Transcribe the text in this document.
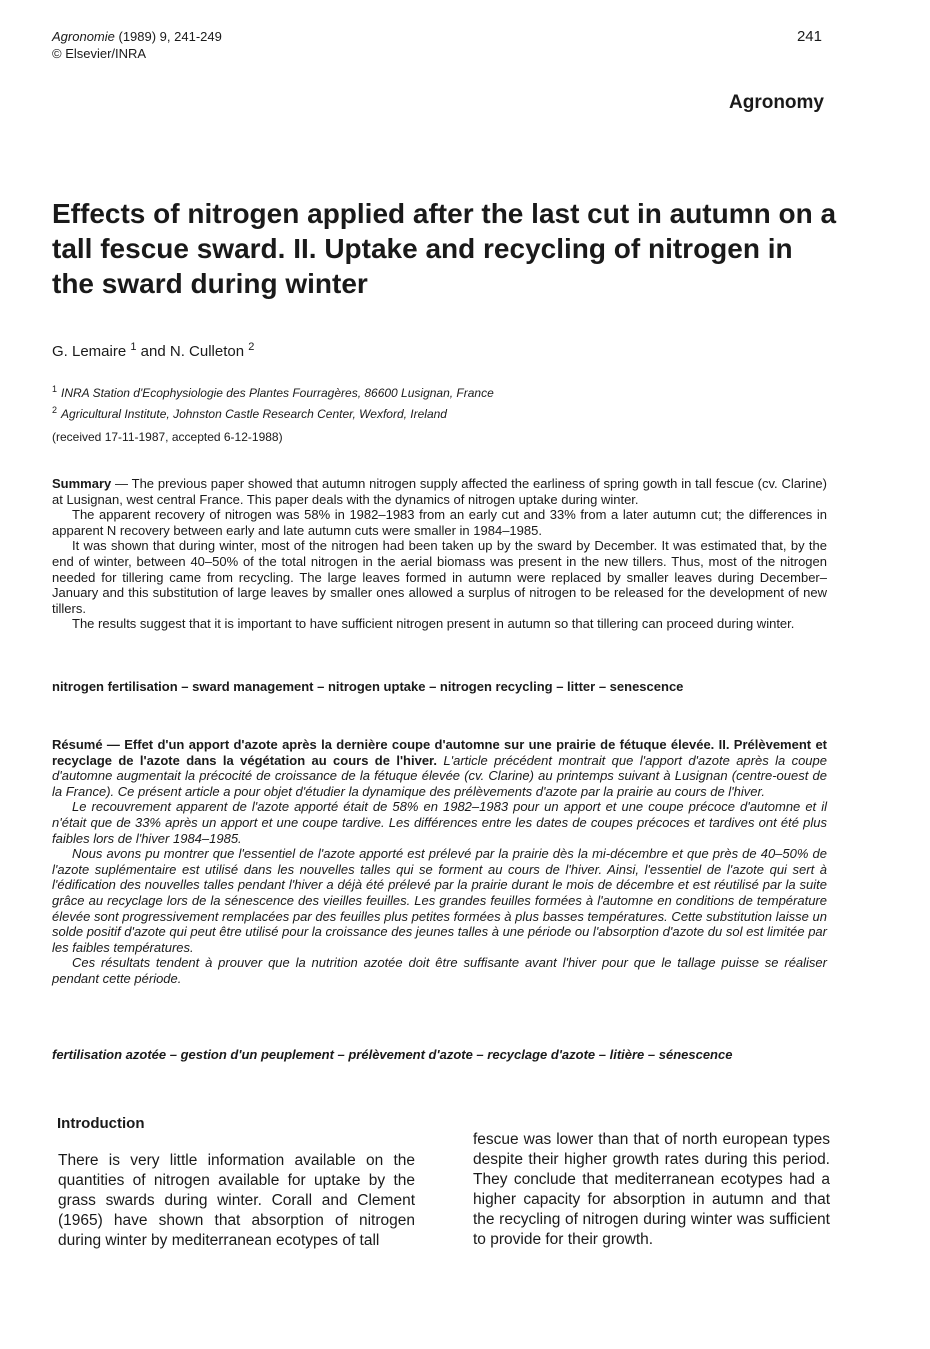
Agronomie (1989) 9, 241-249
© Elsevier/INRA
241
Agronomy
Effects of nitrogen applied after the last cut in autumn on a tall fescue sward. II. Uptake and recycling of nitrogen in the sward during winter
G. Lemaire $^1$ and N. Culleton $^2$
$^1$ INRA Station d'Ecophysiologie des Plantes Fourragères, 86600 Lusignan, France
$^2$ Agricultural Institute, Johnston Castle Research Center, Wexford, Ireland
(received 17-11-1987, accepted 6-12-1988)

Summary — The previous paper showed that autumn nitrogen supply affected the earliness of spring gowth in tall fescue (cv. Clarine) at Lusignan, west central France. This paper deals with the dynamics of nitrogen uptake during winter.

The apparent recovery of nitrogen was 58% in 1982–1983 from an early cut and 33% from a later autumn cut; the differences in apparent N recovery between early and late autumn cuts were smaller in 1984–1985.

It was shown that during winter, most of the nitrogen had been taken up by the sward by December. It was estimated that, by the end of winter, between 40–50% of the total nitrogen in the aerial biomass was present in the new tillers. Thus, most of the nitrogen needed for tillering came from recycling. The large leaves formed in autumn were replaced by smaller leaves during December–January and this substitution of large leaves by smaller ones allowed a surplus of nitrogen to be released for the development of new tillers.

The results suggest that it is important to have sufficient nitrogen present in autumn so that tillering can proceed during winter.

nitrogen fertilisation – sward management – nitrogen uptake – nitrogen recycling – litter – senescence

Résumé — Effet d'un apport d'azote après la dernière coupe d'automne sur une prairie de fétuque élevée. II. Prélèvement et recyclage de l'azote dans la végétation au cours de l'hiver. L'article précédent montrait que l'apport d'azote après la coupe d'automne augmentait la précocité de croissance de la fétuque élevée (cv. Clarine) au printemps suivant à Lusignan (centre-ouest de la France). Ce présent article a pour objet d'étudier la dynamique des prélèvements d'azote par la prairie au cours de l'hiver.

Le recouvrement apparent de l'azote apporté était de 58% en 1982–1983 pour un apport et une coupe précoce d'automne et il n'était que de 33% après un apport et une coupe tardive. Les différences entre les dates de coupes précoces et tardives ont été plus faibles lors de l'hiver 1984–1985.

Nous avons pu montrer que l'essentiel de l'azote apporté est prélevé par la prairie dès la mi-décembre et que près de 40–50% de l'azote suplémentaire est utilisé dans les nouvelles talles qui se forment au cours de l'hiver. Ainsi, l'essentiel de l'azote qui sert à l'édification des nouvelles talles pendant l'hiver a déjà été prélevé par la prairie durant le mois de décembre et est réutilisé par la suite grâce au recyclage lors de la sénescence des vieilles feuilles. Les grandes feuilles formées à l'automne en conditions de température élevée sont progressivement remplacées par des feuilles plus petites formées à plus basses températures. Cette substitution laisse un solde positif d'azote qui peut être utilisé pour la croissance des jeunes talles à une période ou l'absorption d'azote du sol est limitée par les faibles températures.

Ces résultats tendent à prouver que la nutrition azotée doit être suffisante avant l'hiver pour que le tallage puisse se réaliser pendant cette période.

fertilisation azotée – gestion d'un peuplement – prélèvement d'azote – recyclage d'azote – litière – sénescence
Introduction
There is very little information available on the quantities of nitrogen available for uptake by the grass swards during winter. Corall and Clement (1965) have shown that absorption of nitrogen during winter by mediterranean ecotypes of tall
fescue was lower than that of north european types despite their higher growth rates during this period. They conclude that mediterranean ecotypes had a higher capacity for absorption in autumn and that the recycling of nitrogen during winter was sufficient to provide for their growth.
